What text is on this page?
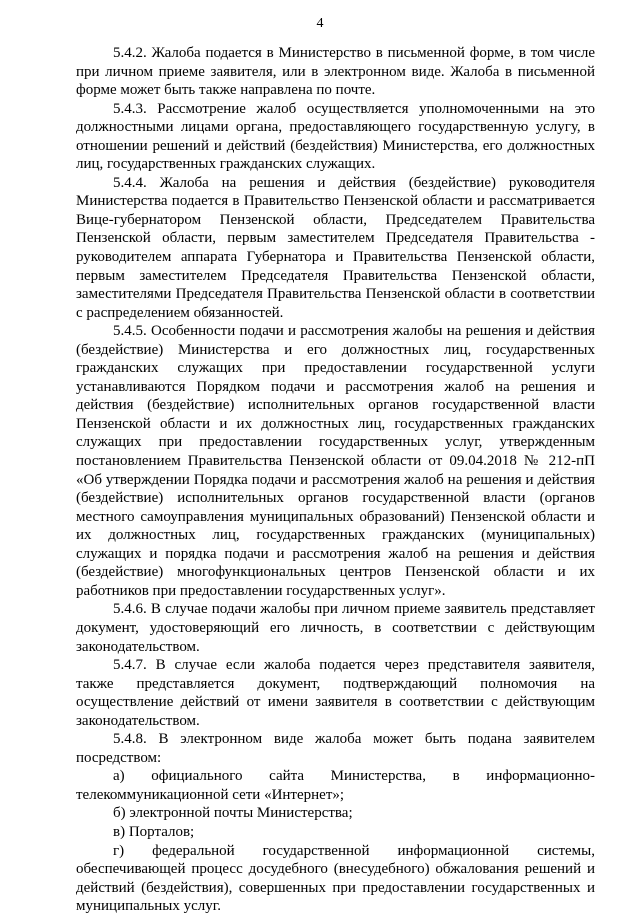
4

5.4.2. Жалоба подается в Министерство в письменной форме, в том числе при личном приеме заявителя, или в электронном виде. Жалоба в письменной форме может быть также направлена по почте.

5.4.3. Рассмотрение жалоб осуществляется уполномоченными на это должностными лицами органа, предоставляющего государственную услугу, в отношении решений и действий (бездействия) Министерства, его должностных лиц, государственных гражданских служащих.

5.4.4. Жалоба на решения и действия (бездействие) руководителя Министерства подается в Правительство Пензенской области и рассматривается Вице-губернатором Пензенской области, Председателем Правительства Пензенской области, первым заместителем Председателя Правительства - руководителем аппарата Губернатора и Правительства Пензенской области, первым заместителем Председателя Правительства Пензенской области, заместителями Председателя Правительства Пензенской области в соответствии с распределением обязанностей.

5.4.5. Особенности подачи и рассмотрения жалобы на решения и действия (бездействие) Министерства и его должностных лиц, государственных гражданских служащих при предоставлении государственной услуги устанавливаются Порядком подачи и рассмотрения жалоб на решения и действия (бездействие) исполнительных органов государственной власти Пензенской области и их должностных лиц, государственных гражданских служащих при предоставлении государственных услуг, утвержденным постановлением Правительства Пензенской области от 09.04.2018 № 212-пП «Об утверждении Порядка подачи и рассмотрения жалоб на решения и действия (бездействие) исполнительных органов государственной власти (органов местного самоуправления муниципальных образований) Пензенской области и их должностных лиц, государственных гражданских (муниципальных) служащих и порядка подачи и рассмотрения жалоб на решения и действия (бездействие) многофункциональных центров Пензенской области и их работников при предоставлении государственных услуг».

5.4.6. В случае подачи жалобы при личном приеме заявитель представляет документ, удостоверяющий его личность, в соответствии с действующим законодательством.

5.4.7. В случае если жалоба подается через представителя заявителя, также представляется документ, подтверждающий полномочия на осуществление действий от имени заявителя в соответствии с действующим законодательством.

5.4.8. В электронном виде жалоба может быть подана заявителем посредством:

а) официального сайта Министерства, в информационно-телекоммуникационной сети «Интернет»;

б) электронной почты Министерства;

в) Порталов;

г) федеральной государственной информационной системы, обеспечивающей процесс досудебного (внесудебного) обжалования решений и действий (бездействия), совершенных при предоставлении государственных и муниципальных услуг.
